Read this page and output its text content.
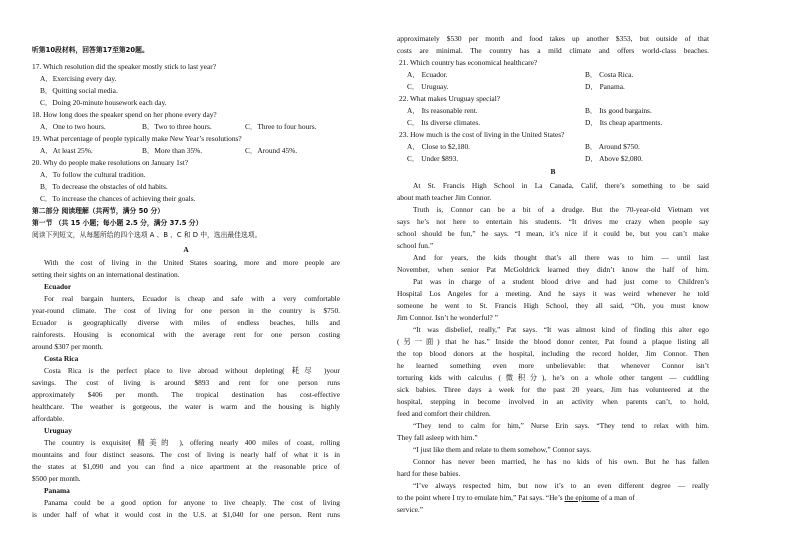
听第10段材料，回答第17至第20题。
17. Which resolution did the speaker mostly stick to last year?
A．Exercising every day.
B．Quitting social media.
C．Doing 20-minute housework each day.
18. How long does the speaker spend on her phone every day?
A．One to two hours.	B．Two to three hours.	C．Three to four hours.
19. What percentage of people typically make New Year’s resolutions?
A．At least 25%.	B．More than 35%.	C．Around 45%.
20. Why do people make resolutions on January 1st?
A．To follow the cultural tradition.
B．To decrease the obstacles of old habits.
C．To increase the chances of achieving their goals.
第二部分 阅读理解（共两节，满分 50 分）
第一节 （共 15 小题；每小题 2.5 分，满分 37.5 分）
阅读下列短文，从每题所给的四个选项 A 、B 、C 和 D 中，选出最佳选项。
A
With the cost of living in the United States soaring, more and more people are
setting their sights on an international destination.
Ecuador
For real bargain hunters, Ecuador is cheap and safe with a very comfortable
year-round climate. The cost of living for one person in the country is $750.
Ecuador is geographically diverse with miles of endless beaches, hills and
rainforests. Housing is economical with the average rent for one person costing
around $307 per month.
Costa Rica
Costa Rica is the perfect place to live abroad without depleting( 耗尽 )your
savings. The cost of living is around $893 and rent for one person runs
approximately $406 per month. The tropical destination has cost-effective
healthcare. The weather is gorgeous, the water is warm and the housing is highly
affordable.
Uruguay
The country is exquisite( 精美的 ), offering nearly 400 miles of coast, rolling
mountains and four distinct seasons. The cost of living is nearly half of what it is in
the states at $1,090 and you can find a nice apartment at the reasonable price of
$500 per month.
Panama
Panama could be a good option for anyone to live cheaply. The cost of living
is under half of what it would cost in the U.S. at $1,040 for one person. Rent runs
approximately $530 per month and food takes up another $353, but outside of that
costs are minimal. The country has a mild climate and offers world-class beaches.
21. Which country has economical healthcare?
A． Ecuador.	B． Costa Rica.
C． Uruguay.	D． Panama.
22. What makes Uruguay special?
A． Its reasonable rent.	B． Its good bargains.
C． Its diverse climates.	D． Its cheap apartments.
23. How much is the cost of living in the United States?
A． Close to $2,180.	B． Around $750.
C． Under $893.	D． Above $2,080.
B
At St. Francis High School in La Canada, Calif, there’s something to be said
about math teacher Jim Connor.
Truth is, Connor can be a bit of a drudge. But the 70-year-old Vietnam vet
says he’s not here to entertain his students. “It drives me crazy when people say
school should be fun,” he says. “I mean, it’s nice if it could be, but you can’t make
school fun.”
And for years, the kids thought that’s all there was to him — until last
November, when senior Pat McGoldrick learned they didn’t know the half of him.
Pat was in charge of a student blood drive and had just come to Children’s
Hospital Los Angeles for a meeting. And he says it was weird whenever he told
someone he went to St. Francis High School, they all said, “Oh, you must know
Jim Connor. Isn’t he wonderful? ”
“It was disbelief, really,” Pat says. “It was almost kind of finding this alter ego
(另一面) that he has.” Inside the blood donor center, Pat found a plaque listing all
the top blood donors at the hospital, including the record holder, Jim Connor. Then
he learned something even more unbelievable: that whenever Connor isn’t
torturing kids with calculus (微积分), he’s on a whole other tangent — cuddling
sick babies. Three days a week for the past 20 years, Jim has volunteered at the
hospital, stepping in become involved in an activity when parents can’t, to hold,
feed and comfort their children.
“They tend to calm for him,” Nurse Erin says. “They tend to relax with him.
They fall asleep with him.”
“I just like them and relate to them somehow,” Connor says.
Connor has never been married, he has no kids of his own. But he has fallen
hard for these babies.
“I’ve always respected him, but now it’s to an even different degree — really
to the point where I try to emulate him,” Pat says. “He’s the epitome of a man of
service.”
